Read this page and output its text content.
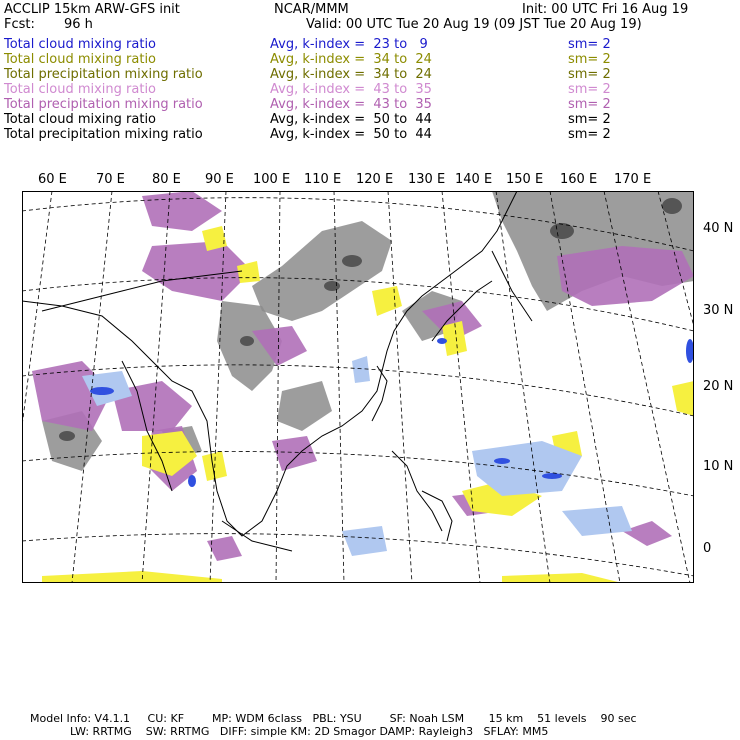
ACCLIP 15km ARW-GFS init	NCAR/MMM	Init: 00 UTC Fri 16 Aug 19
Fcst: 96 h	Valid: 00 UTC Tue 20 Aug 19 (09 JST Tue 20 Aug 19)
Total cloud mixing ratio	Avg, k-index =  23 to   9	sm= 2
Total cloud mixing ratio	Avg, k-index =  34 to  24	sm= 2
Total precipitation mixing ratio	Avg, k-index =  34 to  24	sm= 2
Total cloud mixing ratio	Avg, k-index =  43 to  35	sm= 2
Total precipitation mixing ratio	Avg, k-index =  43 to  35	sm= 2
Total cloud mixing ratio	Avg, k-index =  50 to  44	sm= 2
Total precipitation mixing ratio	Avg, k-index =  50 to  44	sm= 2
60 E 70 E 80 E 90 E 100 E 110 E 120 E 130 E 140 E 150 E 160 E 170 E
40 N
30 N
20 N
10 N
0
Model Info: V4.1.1     CU: KF        MP: WDM 6class   PBL: YSU        SF: Noah LSM       15 km    51 levels    90 sec
LW: RRTMG    SW: RRTMG   DIFF: simple KM: 2D Smagor DAMP: Rayleigh3   SFLAY: MM5
